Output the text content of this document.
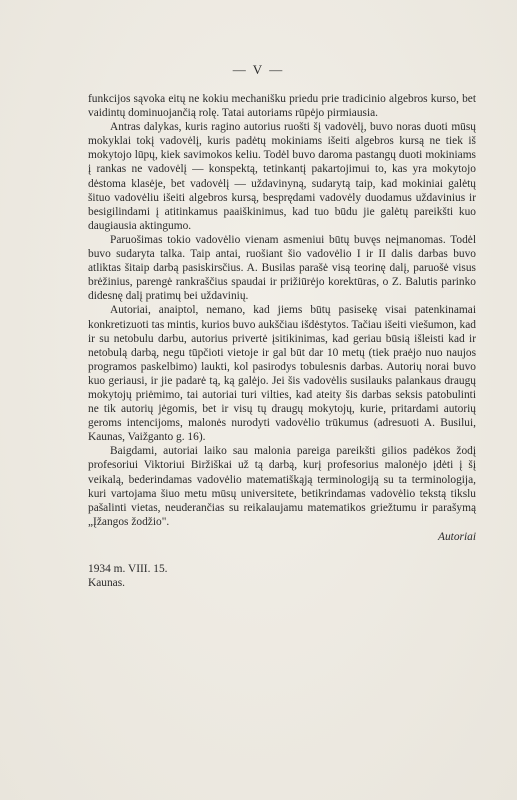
— V —

funkcijos sąvoka eitų ne kokiu mechanišku priedu prie tradicinio algebros kurso, bet vaidintų dominuojančią rolę. Tatai autoriams rūpėjo pirmiausia.

Antras dalykas, kuris ragino autorius ruošti šį vadovėlį, buvo noras duoti mūsų mokyklai tokį vadovėlį, kuris padėtų mokiniams išeiti algebros kursą ne tiek iš mokytojo lūpų, kiek savimokos keliu. Todėl buvo daroma pastangų duoti mokiniams į rankas ne vadovėlį — konspektą, tetinkantį pakartojimui to, kas yra mokytojo dėstoma klasėje, bet vadovėlį — uždavinyną, sudarytą taip, kad mokiniai galėtų šituo vadovėliu išeiti algebros kursą, besprędami vadovėly duodamus uždavinius ir besigilindami į atitinkamus paaiškinimus, kad tuo būdu jie galėtų pareikšti kuo daugiausia aktingumo.

Paruošimas tokio vadovėlio vienam asmeniui būtų buvęs neįmanomas. Todėl buvo sudaryta talka. Taip antai, ruošiant šio vadovėlio I ir II dalis darbas buvo atliktas šitaip darbą pasiskirsčius. A. Busilas parašė visą teorinę dalį, paruošė visus brėžinius, parengė rankraščius spaudai ir prižiūrėjo korektūras, o Z. Balutis parinko didesnę dalį pratimų bei uždavinių.

Autoriai, anaiptol, nemano, kad jiems būtų pasisekę visai patenkinamai konkretizuoti tas mintis, kurios buvo aukščiau išdėstytos. Tačiau išeiti viešumon, kad ir su netobulu darbu, autorius privertė įsitikinimas, kad geriau būsią išleisti kad ir netobulą darbą, negu tūpčioti vietoje ir gal būt dar 10 metų (tiek praėjo nuo naujos programos paskelbimo) laukti, kol pasirodys tobulesnis darbas. Autorių norai buvo kuo geriausi, ir jie padarė tą, ką galėjo. Jei šis vadovėlis susilauks palankaus draugų mokytojų priėmimo, tai autoriai turi vilties, kad ateity šis darbas seksis patobulinti ne tik autorių jėgomis, bet ir visų tų draugų mokytojų, kurie, pritardami autorių geroms intencijoms, malonės nurodyti vadovėlio trūkumus (adresuoti A. Busilui, Kaunas, Vaižganto g. 16).

Baigdami, autoriai laiko sau malonia pareiga pareikšti gilios padėkos žodį profesoriui Viktoriui Biržiškai už tą darbą, kurį profesorius malonėjo įdėti į šį veikalą, bederindamas vadovėlio matematiškąją terminologiją su ta terminologija, kuri vartojama šiuo metu mūsų universitete, betikrindamas vadovėlio tekstą tikslu pašalinti vietas, neuderančias su reikalaujamu matematikos griežtumu ir parašymą „Įžangos žodžio".

Autoriai
1934 m. VIII. 15.
Kaunas.
